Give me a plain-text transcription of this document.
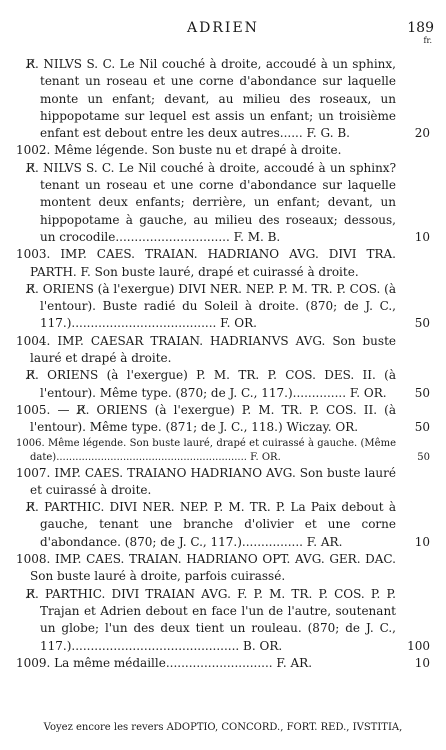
ADRIEN	189
fr.
R̸. NILVS S. C. Le Nil couché à droite, accoudé à un sphinx, tenant un roseau et une corne d'abondance sur laquelle monte un enfant; devant, au milieu des roseaux, un hippopotame sur lequel est assis un enfant; un troisième enfant est debout entre les deux autres...... F. G. B.	20
1002. Même légende. Son buste nu et drapé à droite.
R̸. NILVS S. C. Le Nil couché à droite, accoudé à un sphinx? tenant un roseau et une corne d'abondance sur laquelle montent deux enfants; derrière, un enfant; devant, un hippopotame à gauche, au milieu des roseaux; dessous, un crocodile.............................. F. M. B.	10
1003. IMP. CAES. TRAIAN. HADRIANO AVG. DIVI TRA. PARTH. F. Son buste lauré, drapé et cuirassé à droite.
R̸. ORIENS (à l'exergue) DIVI NER. NEP. P. M. TR. P. COS. (à l'entour). Buste radié du Soleil à droite. (870; de J. C., 117.)...................................... F. OR.	50
1004. IMP. CAESAR TRAIAN. HADRIANVS AVG. Son buste lauré et drapé à droite.
R̸. ORIENS (à l'exergue) P. M. TR. P. COS. DES. II. (à l'entour). Même type. (870; de J. C., 117.).............. F. OR. 50
1005. — R̸. ORIENS (à l'exergue) P. M. TR. P. COS. II. (à l'entour). Même type. (871; de J. C., 118.) Wiczay. OR.	50
1006. Même légende. Son buste lauré, drapé et cuirassé à gauche. (Même date)............................................................ F. OR.	50
1007. IMP. CAES. TRAIANO HADRIANO AVG. Son buste lauré et cuirassé à droite.
R̸. PARTHIC. DIVI NER. NEP. P. M. TR. P. La Paix debout à gauche, tenant une branche d'olivier et une corne d'abondance. (870; de J. C., 117.)................ F. AR.	10
1008. IMP. CAES. TRAIAN. HADRIANO OPT. AVG. GER. DAC. Son buste lauré à droite, parfois cuirassé.
R̸. PARTHIC. DIVI TRAIAN AVG. F. P. M. TR. P. COS. P. P. Trajan et Adrien debout en face l'un de l'autre, soutenant un globe; l'un des deux tient un rouleau. (870; de J. C., 117.)............................................ B. OR.	100
1009. La même médaille............................ F. AR.	10
Voyez encore les revers ADOPTIO, CONCORD., FORT. RED., IVSTITIA,
